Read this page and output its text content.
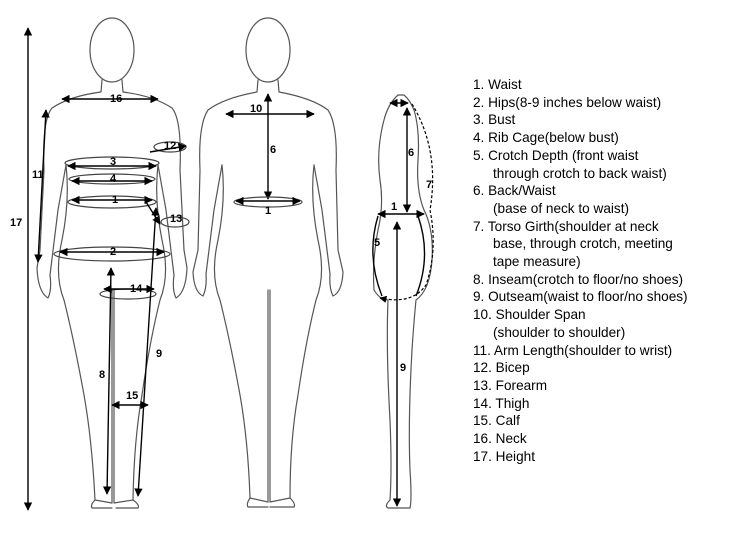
16
11
12
3
4
1
13
17
2
14
9
8
15
10
6
1
6
7
1
5
9
1. Waist
2. Hips(8-9 inches below waist)
3. Bust
4. Rib Cage(below bust)
5. Crotch Depth (front waist
through crotch to back waist)
6. Back/Waist
(base of neck to waist)
7. Torso Girth(shoulder at neck
base, through crotch, meeting
tape measure)
8. Inseam(crotch to floor/no shoes)
9. Outseam(waist to floor/no shoes)
10. Shoulder Span
(shoulder to shoulder)
11. Arm Length(shoulder to wrist)
12. Bicep
13. Forearm
14. Thigh
15. Calf
16. Neck
17. Height
